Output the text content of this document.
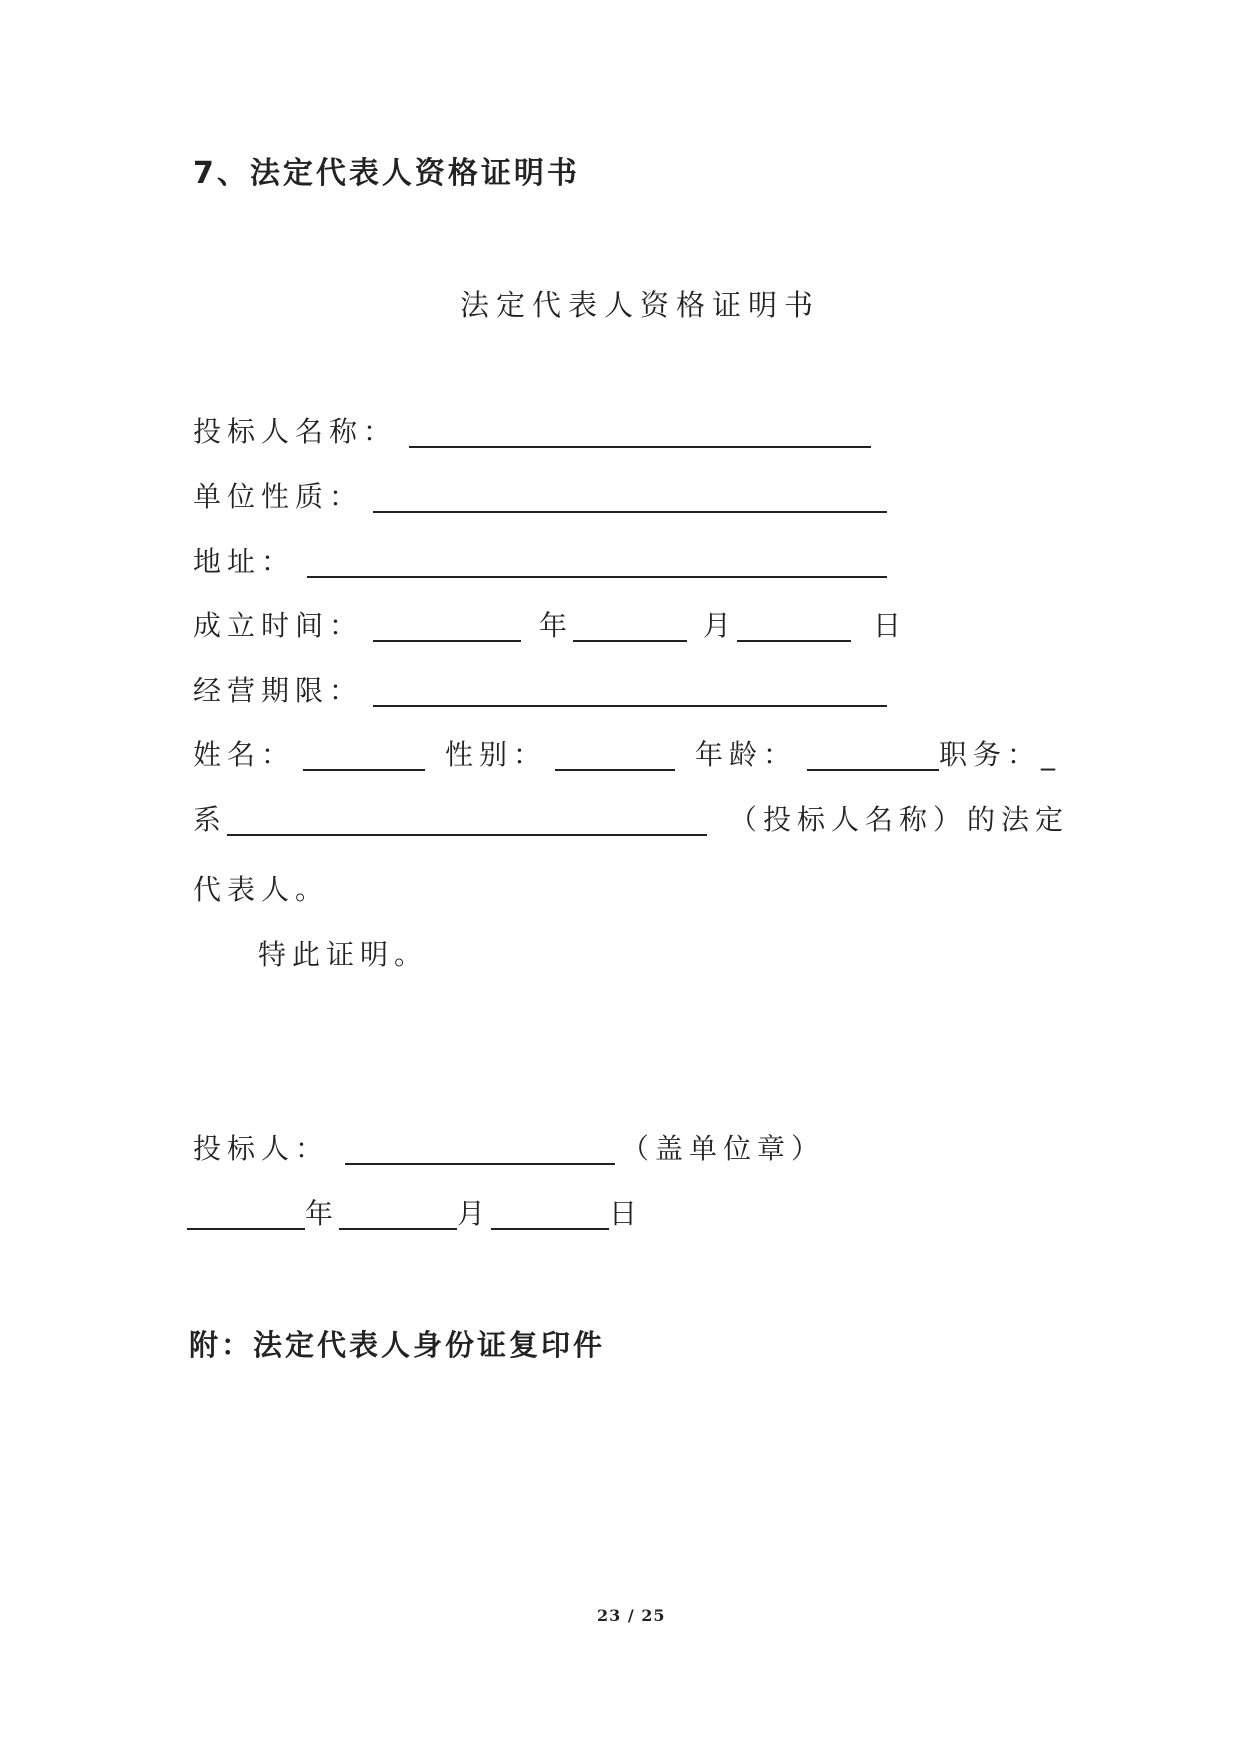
7、法定代表人资格证明书
法定代表人资格证明书
投标人名称：
单位性质：
地址：
成立时间：	年	月	日
经营期限：
姓名：	性别：	年龄：	职务：_
系	（投标人名称）的法定
代表人。
特此证明。
投标人：	（盖单位章）
年	月	日
附：法定代表人身份证复印件
23 / 25
